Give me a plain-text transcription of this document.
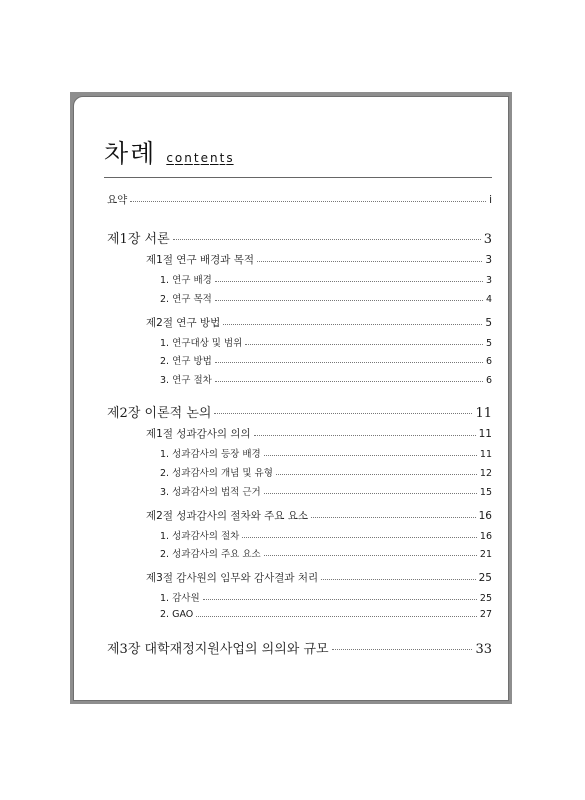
차례 contents
요약	i
제1장 서론	3
제1절 연구 배경과 목적	3
1. 연구 배경	3
2. 연구 목적	4
제2절 연구 방법	5
1. 연구대상 및 범위	5
2. 연구 방법	6
3. 연구 절차	6
제2장 이론적 논의	11
제1절 성과감사의 의의	11
1. 성과감사의 등장 배경	11
2. 성과감사의 개념 및 유형	12
3. 성과감사의 법적 근거	15
제2절 성과감사의 절차와 주요 요소	16
1. 성과감사의 절차	16
2. 성과감사의 주요 요소	21
제3절 감사원의 임무와 감사결과 처리	25
1. 감사원	25
2. GAO	27
제3장 대학재정지원사업의 의의와 규모	33
